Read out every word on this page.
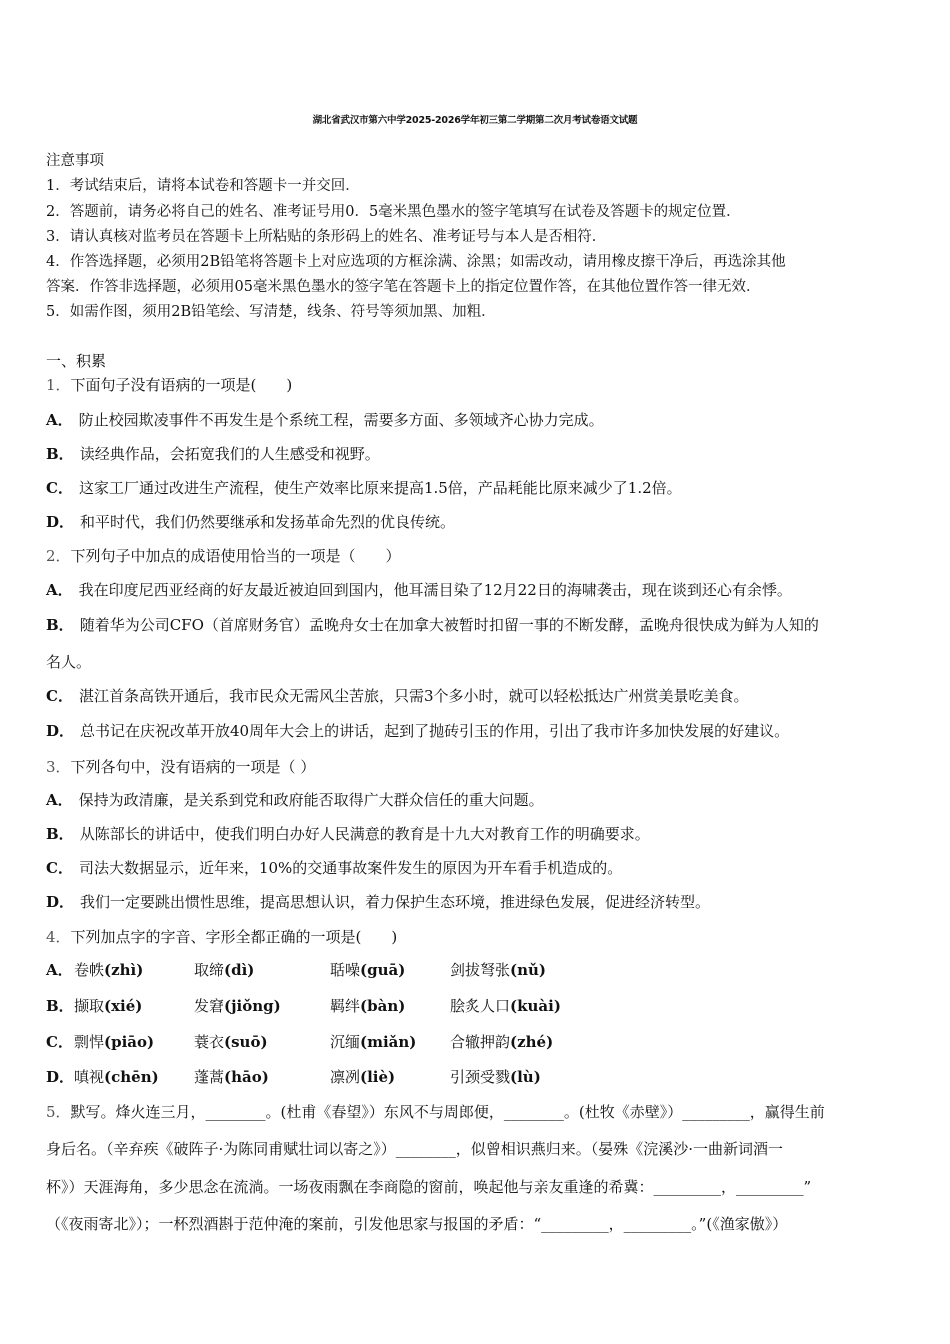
湖北省武汉市第六中学2025-2026学年初三第二学期第二次月考试卷语文试题
注意事项
1．考试结束后，请将本试卷和答题卡一并交回．
2．答题前，请务必将自己的姓名、准考证号用0．5毫米黑色墨水的签字笔填写在试卷及答题卡的规定位置．
3．请认真核对监考员在答题卡上所粘贴的条形码上的姓名、准考证号与本人是否相符．
4．作答选择题，必须用2B铅笔将答题卡上对应选项的方框涂满、涂黑；如需改动，请用橡皮擦干净后，再选涂其他
答案．作答非选择题，必须用05毫米黑色墨水的签字笔在答题卡上的指定位置作答，在其他位置作答一律无效．
5．如需作图，须用2B铅笔绘、写清楚，线条、符号等须加黑、加粗．
一、积累
1．下面句子没有语病的一项是(　　)
A． 防止校园欺凌事件不再发生是个系统工程，需要多方面、多领域齐心协力完成。
B． 读经典作品，会拓宽我们的人生感受和视野。
C． 这家工厂通过改进生产流程，使生产效率比原来提高1.5倍，产品耗能比原来减少了1.2倍。
D． 和平时代，我们仍然要继承和发扬革命先烈的优良传统。
2．下列句子中加点的成语使用恰当的一项是（　　）
A． 我在印度尼西亚经商的好友最近被迫回到国内，他耳濡目染了12月22日的海啸袭击，现在谈到还心有余悸。
B． 随着华为公司CFO（首席财务官）孟晚舟女士在加拿大被暂时扣留一事的不断发酵，孟晚舟很快成为鲜为人知的
名人。
C． 湛江首条高铁开通后，我市民众无需风尘苦旅，只需3个多小时，就可以轻松抵达广州赏美景吃美食。
D． 总书记在庆祝改革开放40周年大会上的讲话，起到了抛砖引玉的作用，引出了我市许多加快发展的好建议。
3．下列各句中，没有语病的一项是（ ）
A． 保持为政清廉，是关系到党和政府能否取得广大群众信任的重大问题。
B． 从陈部长的讲话中，使我们明白办好人民满意的教育是十九大对教育工作的明确要求。
C． 司法大数据显示，近年来，10%的交通事故案件发生的原因为开车看手机造成的。
D． 我们一定要跳出惯性思维，提高思想认识，着力保护生态环境，推进绿色发展，促进经济转型。
4．下列加点字的字音、字形全都正确的一项是(　　)
A． 卷帙(zhì)	取缔(dì)	聒噪(guā)	剑拔弩张(nǔ)
B． 撷取(xié)	发窘(jiǒng)	羁绊(bàn)	脍炙人口(kuài)
C． 剽悍(piāo)	蓑衣(suō)	沉缅(miǎn) 合辙押韵(zhé)
D． 嗔视(chēn) 蓬蒿(hāo)	凛冽(liè)	引颈受戮(lù)
5．默写。烽火连三月，________。(杜甫《春望》）东风不与周郎便，________。(杜牧《赤壁》）_________，赢得生前
身后名。（辛弃疾《破阵子·为陈同甫赋壮词以寄之》）________，似曾相识燕归来。（晏殊《浣溪沙·一曲新词酒一
杯》）天涯海角，多少思念在流淌。一场夜雨飘在李商隐的窗前，唤起他与亲友重逢的希冀：_________，_________”
（《夜雨寄北》）；一杯烈酒斟于范仲淹的案前，引发他思家与报国的矛盾：“_________，_________。”(《渔家傲》）
